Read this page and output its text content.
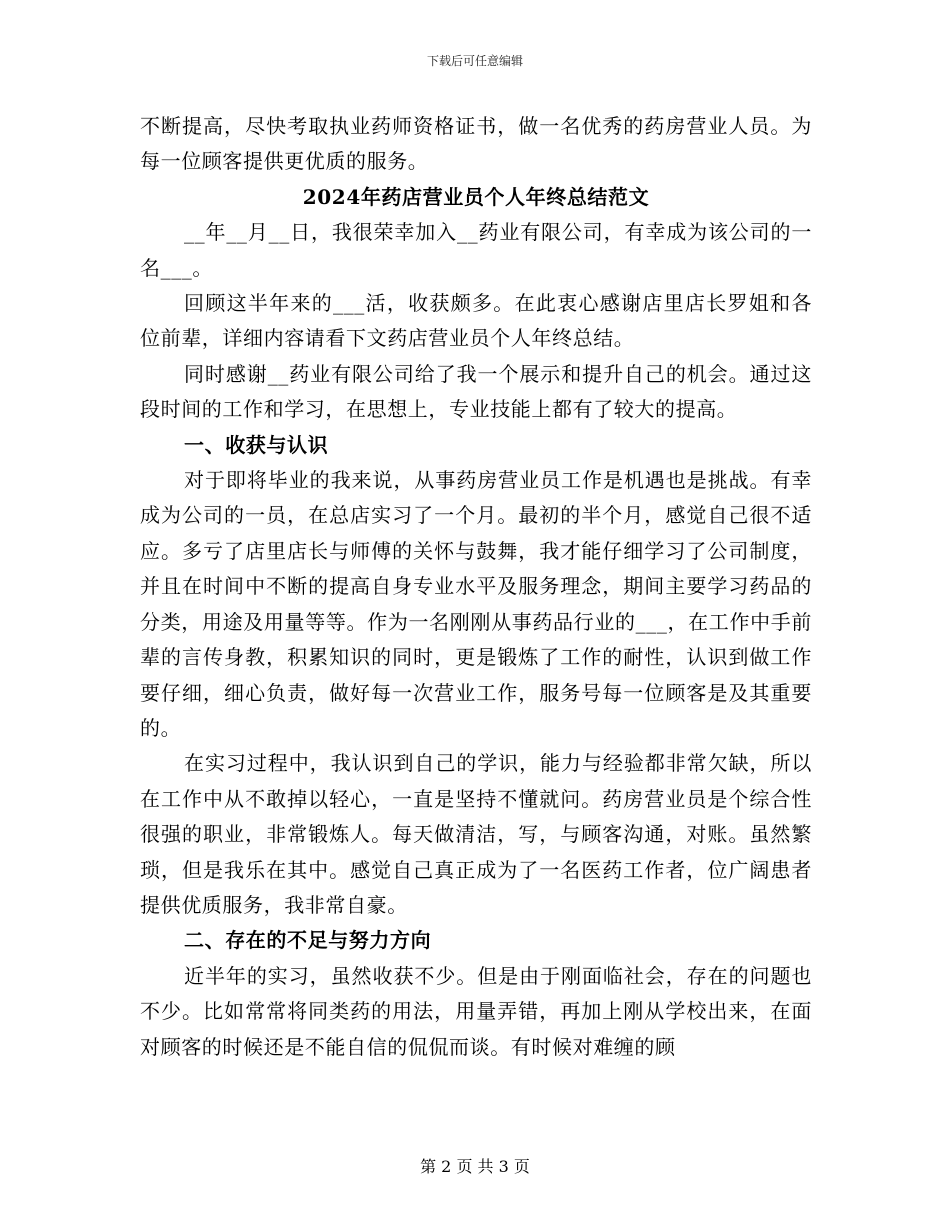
下载后可任意编辑

不断提高，尽快考取执业药师资格证书，做一名优秀的药房营业人员。为每一位顾客提供更优质的服务。

2024年药店营业员个人年终总结范文

__年__月__日，我很荣幸加入__药业有限公司，有幸成为该公司的一名___。

回顾这半年来的___活，收获颇多。在此衷心感谢店里店长罗姐和各位前辈，详细内容请看下文药店营业员个人年终总结。

同时感谢__药业有限公司给了我一个展示和提升自己的机会。通过这段时间的工作和学习，在思想上，专业技能上都有了较大的提高。

一、收获与认识

对于即将毕业的我来说，从事药房营业员工作是机遇也是挑战。有幸成为公司的一员，在总店实习了一个月。最初的半个月，感觉自己很不适应。多亏了店里店长与师傅的关怀与鼓舞，我才能仔细学习了公司制度，并且在时间中不断的提高自身专业水平及服务理念，期间主要学习药品的分类，用途及用量等等。作为一名刚刚从事药品行业的___，在工作中手前辈的言传身教，积累知识的同时，更是锻炼了工作的耐性，认识到做工作要仔细，细心负责，做好每一次营业工作，服务号每一位顾客是及其重要的。

在实习过程中，我认识到自己的学识，能力与经验都非常欠缺，所以在工作中从不敢掉以轻心，一直是坚持不懂就问。药房营业员是个综合性很强的职业，非常锻炼人。每天做清洁，写，与顾客沟通，对账。虽然繁琐，但是我乐在其中。感觉自己真正成为了一名医药工作者，位广阔患者提供优质服务，我非常自豪。

二、存在的不足与努力方向

近半年的实习，虽然收获不少。但是由于刚面临社会，存在的问题也不少。比如常常将同类药的用法，用量弄错，再加上刚从学校出来，在面对顾客的时候还是不能自信的侃侃而谈。有时候对难缠的顾

第 2 页 共 3 页
